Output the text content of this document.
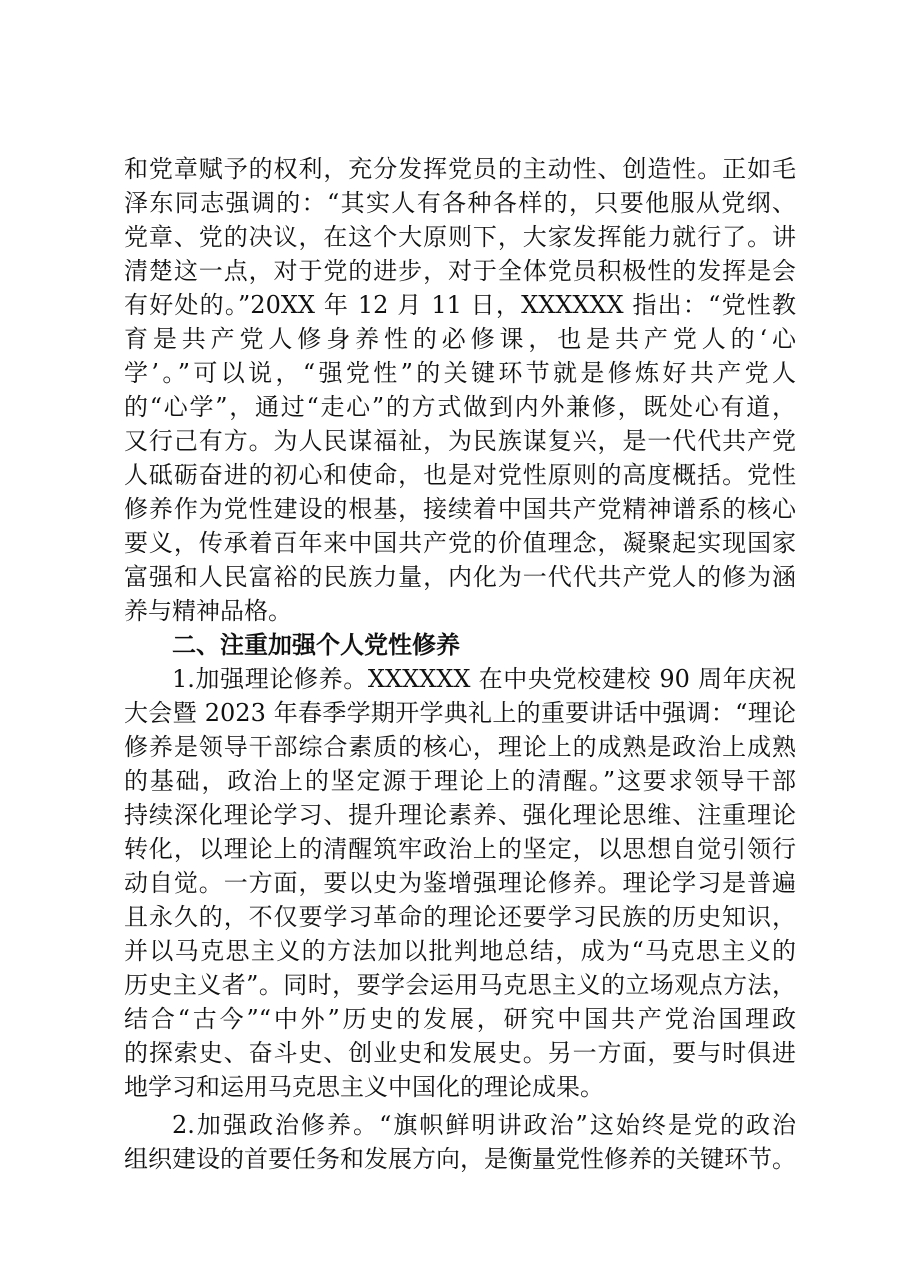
和党章赋予的权利，充分发挥党员的主动性、创造性。正如毛
泽东同志强调的：“其实人有各种各样的，只要他服从党纲、
党章、党的决议，在这个大原则下，大家发挥能力就行了。讲
清楚这一点，对于党的进步，对于全体党员积极性的发挥是会
有好处的。”20XX 年 12 月 11 日，XXXXXX 指出：“党性教
育是共产党人修身养性的必修课，也是共产党人的‘心
学’。”可以说，“强党性”的关键环节就是修炼好共产党人
的“心学”，通过“走心”的方式做到内外兼修，既处心有道，
又行己有方。为人民谋福祉，为民族谋复兴，是一代代共产党
人砥砺奋进的初心和使命，也是对党性原则的高度概括。党性
修养作为党性建设的根基，接续着中国共产党精神谱系的核心
要义，传承着百年来中国共产党的价值理念，凝聚起实现国家
富强和人民富裕的民族力量，内化为一代代共产党人的修为涵
养与精神品格。
二、注重加强个人党性修养
1.加强理论修养。XXXXXX 在中央党校建校 90 周年庆祝
大会暨 2023 年春季学期开学典礼上的重要讲话中强调：“理论
修养是领导干部综合素质的核心，理论上的成熟是政治上成熟
的基础，政治上的坚定源于理论上的清醒。”这要求领导干部
持续深化理论学习、提升理论素养、强化理论思维、注重理论
转化，以理论上的清醒筑牢政治上的坚定，以思想自觉引领行
动自觉。一方面，要以史为鉴增强理论修养。理论学习是普遍
且永久的，不仅要学习革命的理论还要学习民族的历史知识，
并以马克思主义的方法加以批判地总结，成为“马克思主义的
历史主义者”。同时，要学会运用马克思主义的立场观点方法，
结合“古今”“中外”历史的发展，研究中国共产党治国理政
的探索史、奋斗史、创业史和发展史。另一方面，要与时俱进
地学习和运用马克思主义中国化的理论成果。
2.加强政治修养。“旗帜鲜明讲政治”这始终是党的政治
组织建设的首要任务和发展方向，是衡量党性修养的关键环节。
